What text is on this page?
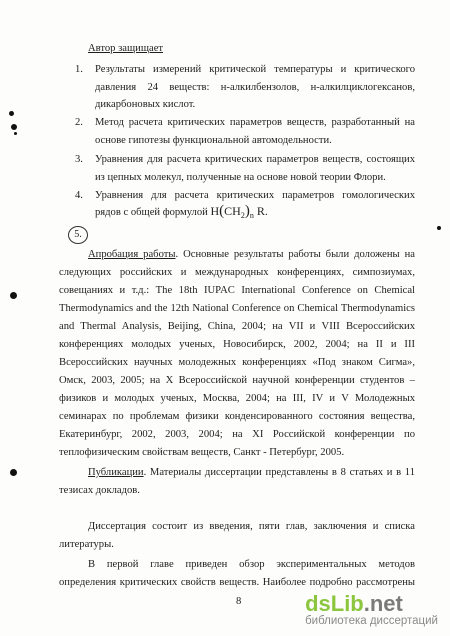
Автор защищает
1. Результаты измерений критической температуры и критического
давления 24 веществ: н-алкилбензолов, н-алкилциклогексанов,
дикарбоновых кислот.
2. Метод расчета критических параметров веществ, разработанный на
основе гипотезы функциональной автомодельности.
3. Уравнения для расчета критических параметров веществ, состоящих
из цепных молекул, полученные на основе новой теории Флори.
4. Уравнения для расчета критических параметров гомологических
рядов с общей формулой $H(CH_2)_n$ R.
5.
Апробация работы. Основные результаты работы были доложены на
следующих российских и международных конференциях, симпозиумах,
совещаниях и т.д.: The 18th IUPAC International Conference on Chemical
Thermodynamics and the 12th National Conference on Chemical Thermodynamics
and Thermal Analysis, Beijing, China, 2004; на VII и VIII Всероссийских
конференциях молодых ученых, Новосибирск, 2002, 2004; на II и III
Всероссийских научных молодежных конференциях «Под знаком Сигма»,
Омск, 2003, 2005; на X Всероссийской научной конференции студентов –
физиков и молодых ученых, Москва, 2004; на III, IV и V Молодежных
семинарах по проблемам физики конденсированного состояния вещества,
Екатеринбург, 2002, 2003, 2004; на XI Российской конференции по
теплофизическим свойствам веществ, Санкт - Петербург, 2005.
Публикации. Материалы диссертации представлены в 8 статьях и в 11
тезисах докладов.
Диссертация состоит из введения, пяти глав, заключения и списка
литературы.
В первой главе приведен обзор экспериментальных методов
определения критических свойств веществ. Наиболее подробно рассмотрены
8	dsLib.net
библиотека диссертаций
